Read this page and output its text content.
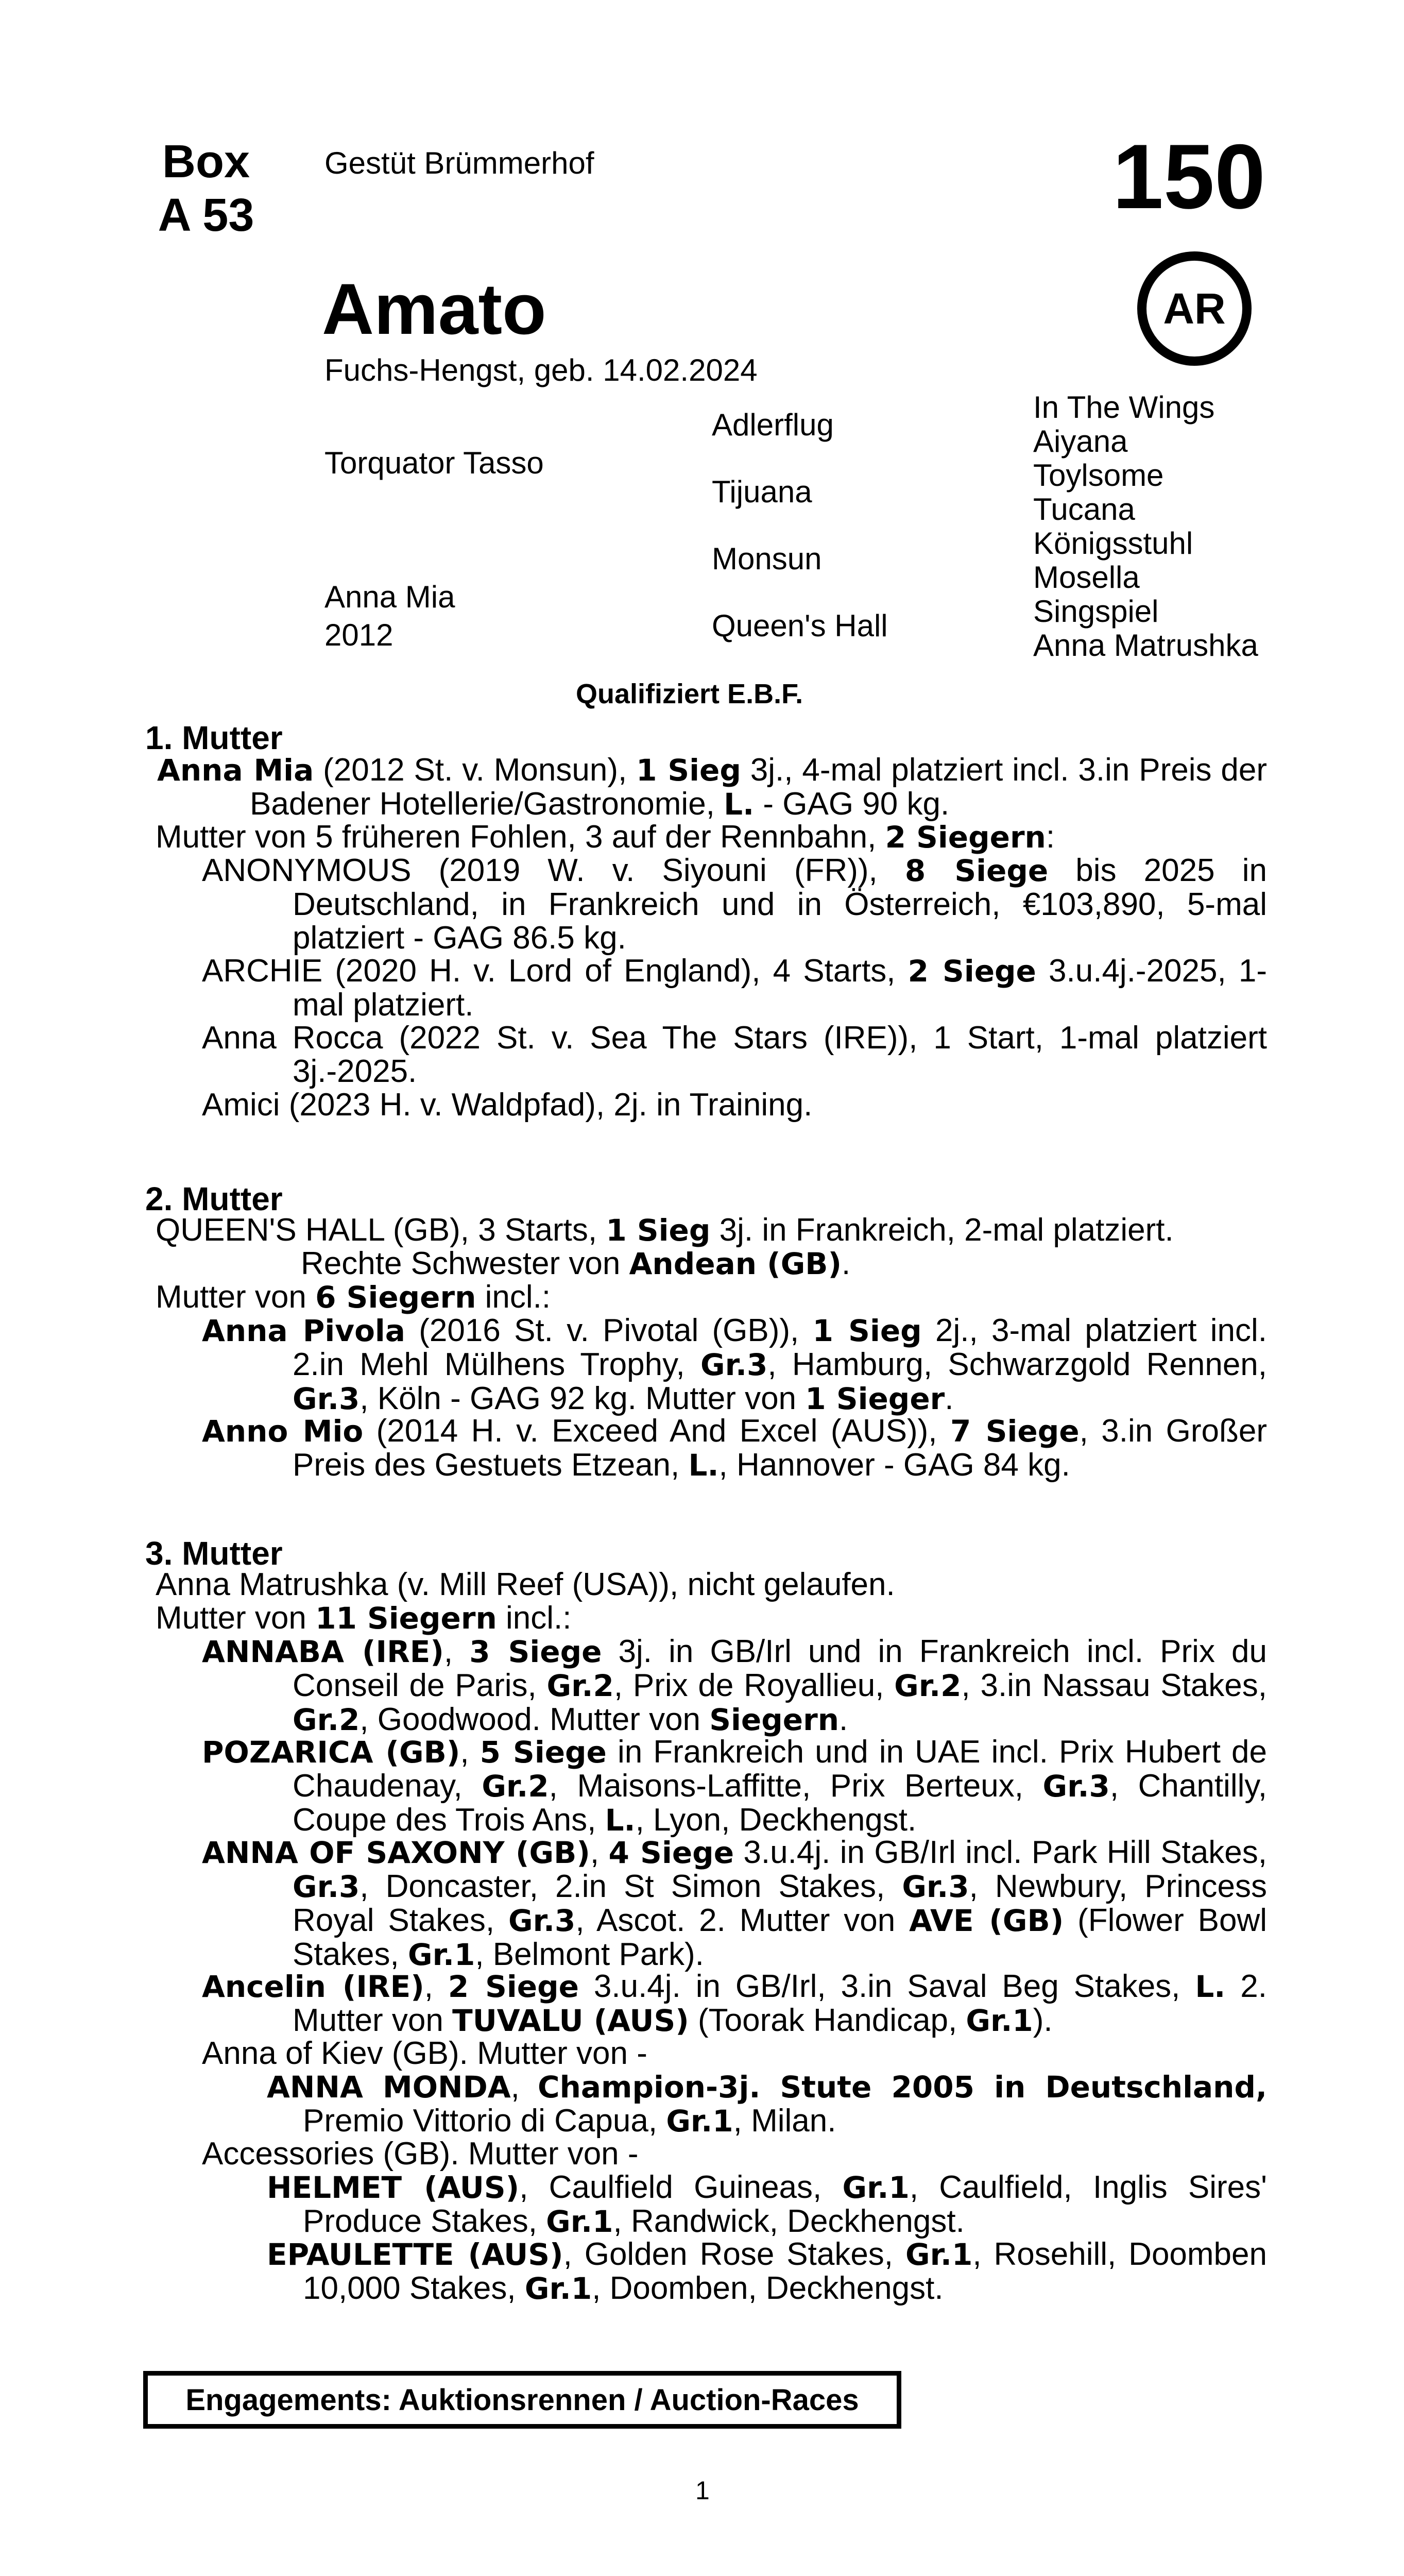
Box
A 53
Gestüt Brümmerhof	150
Amato	AR
Fuchs-Hengst, geb. 14.02.2024
Torquator Tasso
Anna Mia
2012
Adlerflug
Tijuana
Monsun
Queen's Hall
In The Wings
Aiyana
Toylsome
Tucana
Königsstuhl
Mosella
Singspiel
Anna Matrushka
Qualifiziert E.B.F.
1. Mutter
Anna Mia (2012 St. v. Monsun), 1 Sieg 3j., 4-mal platziert incl. 3.in Preis der Badener Hotellerie/Gastronomie, L. - GAG 90 kg.
Mutter von 5 früheren Fohlen, 3 auf der Rennbahn, 2 Siegern:
ANONYMOUS (2019 W. v. Siyouni (FR)), 8 Siege bis 2025 in Deutschland, in Frankreich und in Österreich, €103,890, 5-mal platziert - GAG 86.5 kg.
ARCHIE (2020 H. v. Lord of England), 4 Starts, 2 Siege 3.u.4j.-2025, 1-mal platziert.
Anna Rocca (2022 St. v. Sea The Stars (IRE)), 1 Start, 1-mal platziert 3j.-2025.
Amici (2023 H. v. Waldpfad), 2j. in Training.
2. Mutter
QUEEN'S HALL (GB), 3 Starts, 1 Sieg 3j. in Frankreich, 2-mal platziert.
Rechte Schwester von Andean (GB).
Mutter von 6 Siegern incl.:
Anna Pivola (2016 St. v. Pivotal (GB)), 1 Sieg 2j., 3-mal platziert incl. 2.in Mehl Mülhens Trophy, Gr.3, Hamburg, Schwarzgold Rennen, Gr.3, Köln - GAG 92 kg. Mutter von 1 Sieger.
Anno Mio (2014 H. v. Exceed And Excel (AUS)), 7 Siege, 3.in Großer Preis des Gestuets Etzean, L., Hannover - GAG 84 kg.
3. Mutter
Anna Matrushka (v. Mill Reef (USA)), nicht gelaufen.
Mutter von 11 Siegern incl.:
ANNABA (IRE), 3 Siege 3j. in GB/Irl und in Frankreich incl. Prix du Conseil de Paris, Gr.2, Prix de Royallieu, Gr.2, 3.in Nassau Stakes, Gr.2, Goodwood. Mutter von Siegern.
POZARICA (GB), 5 Siege in Frankreich und in UAE incl. Prix Hubert de Chaudenay, Gr.2, Maisons-Laffitte, Prix Berteux, Gr.3, Chantilly, Coupe des Trois Ans, L., Lyon, Deckhengst.
ANNA OF SAXONY (GB), 4 Siege 3.u.4j. in GB/Irl incl. Park Hill Stakes, Gr.3, Doncaster, 2.in St Simon Stakes, Gr.3, Newbury, Princess Royal Stakes, Gr.3, Ascot. 2. Mutter von AVE (GB) (Flower Bowl Stakes, Gr.1, Belmont Park).
Ancelin (IRE), 2 Siege 3.u.4j. in GB/Irl, 3.in Saval Beg Stakes, L. 2. Mutter von TUVALU (AUS) (Toorak Handicap, Gr.1).
Anna of Kiev (GB). Mutter von -
ANNA MONDA, Champion-3j. Stute 2005 in Deutschland, Premio Vittorio di Capua, Gr.1, Milan.
Accessories (GB). Mutter von -
HELMET (AUS), Caulfield Guineas, Gr.1, Caulfield, Inglis Sires' Produce Stakes, Gr.1, Randwick, Deckhengst.
EPAULETTE (AUS), Golden Rose Stakes, Gr.1, Rosehill, Doomben 10,000 Stakes, Gr.1, Doomben, Deckhengst.
Engagements: Auktionsrennen / Auction-Races
1
